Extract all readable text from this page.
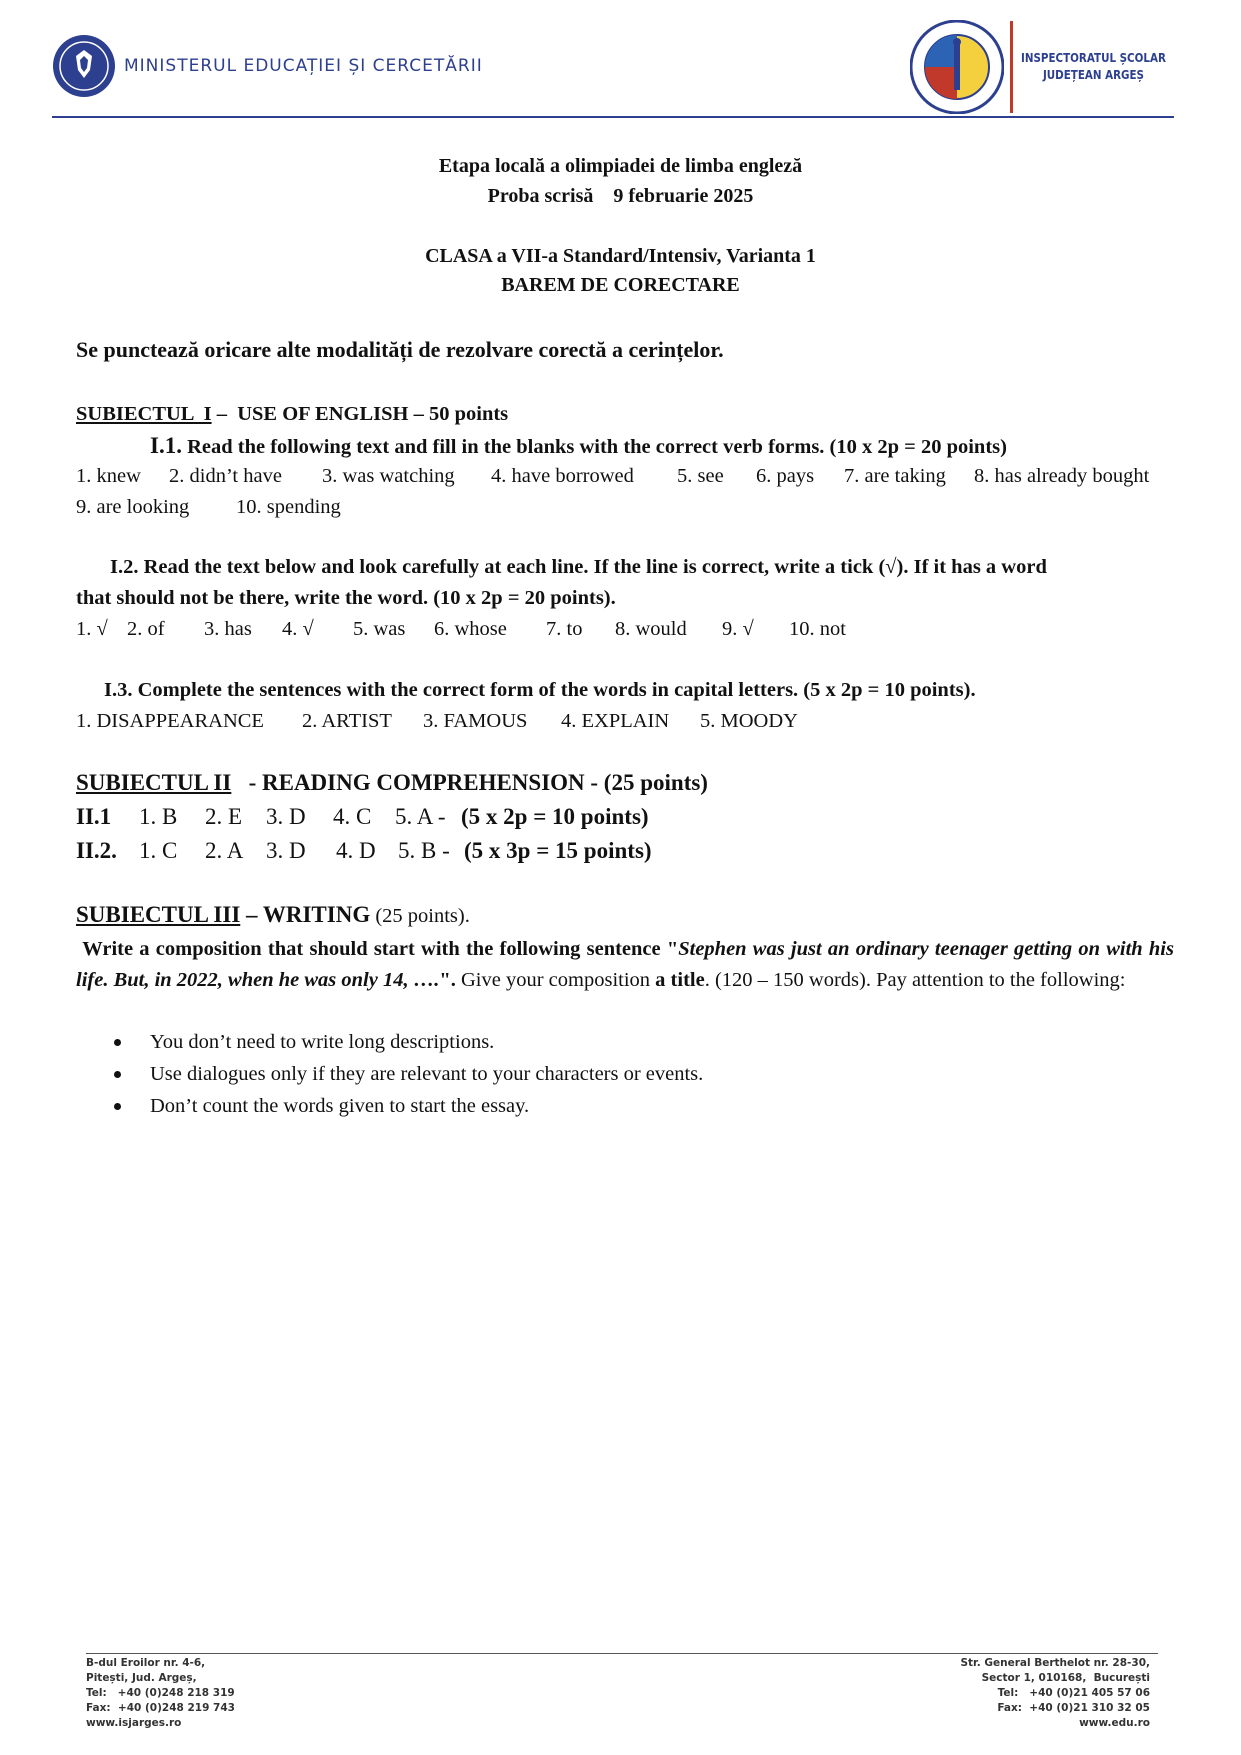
MINISTERUL EDUCAȚIEI ȘI CERCETĂRII	INSPECTORATUL ȘCOLAR
JUDEȚEAN ARGEȘ
Etapa locală a olimpiadei de limba engleză
Proba scrisă    9 februarie 2025
CLASA a VII-a Standard/Intensiv, Varianta 1
BAREM DE CORECTARE
Se punctează oricare alte modalități de rezolvare corectă a cerințelor.
SUBIECTUL  I –  USE OF ENGLISH – 50 points
I.1. Read the following text and fill in the blanks with the correct verb forms. (10 x 2p = 20 points)
1. knew 2. didn’t have 3. was watching 4. have borrowed 5. see 6. pays 7. are taking 8. has already bought
9. are looking 10. spending
I.2. Read the text below and look carefully at each line. If the line is correct, write a tick (√). If it has a word
that should not be there, write the word. (10 x 2p = 20 points).
1. √ 2. of 3. has 4. √ 5. was 6. whose 7. to 8. would 9. √ 10. not
I.3. Complete the sentences with the correct form of the words in capital letters. (5 x 2p = 10 points).
1. DISAPPEARANCE 2. ARTIST 3. FAMOUS 4. EXPLAIN 5. MOODY
SUBIECTUL II   - READING COMPREHENSION - (25 points)
II.1 1. B 2. E 3. D 4. C 5. A - (5 x 2p = 10 points)
II.2. 1. C 2. A 3. D 4. D 5. B - (5 x 3p = 15 points)
SUBIECTUL III – WRITING (25 points).
Write a composition that should start with the following sentence "Stephen was just an ordinary teenager getting on with his life. But, in 2022, when he was only 14, ….". Give your composition a title. (120 – 150 words). Pay attention to the following:
You don’t need to write long descriptions.
Use dialogues only if they are relevant to your characters or events.
Don’t count the words given to start the essay.
B-dul Eroilor nr. 4-6,
Pitești, Jud. Argeș,
Tel:   +40 (0)248 218 319
Fax:  +40 (0)248 219 743
www.isjarges.ro
Str. General Berthelot nr. 28-30,
Sector 1, 010168,  București
Tel:   +40 (0)21 405 57 06
Fax:  +40 (0)21 310 32 05
www.edu.ro
